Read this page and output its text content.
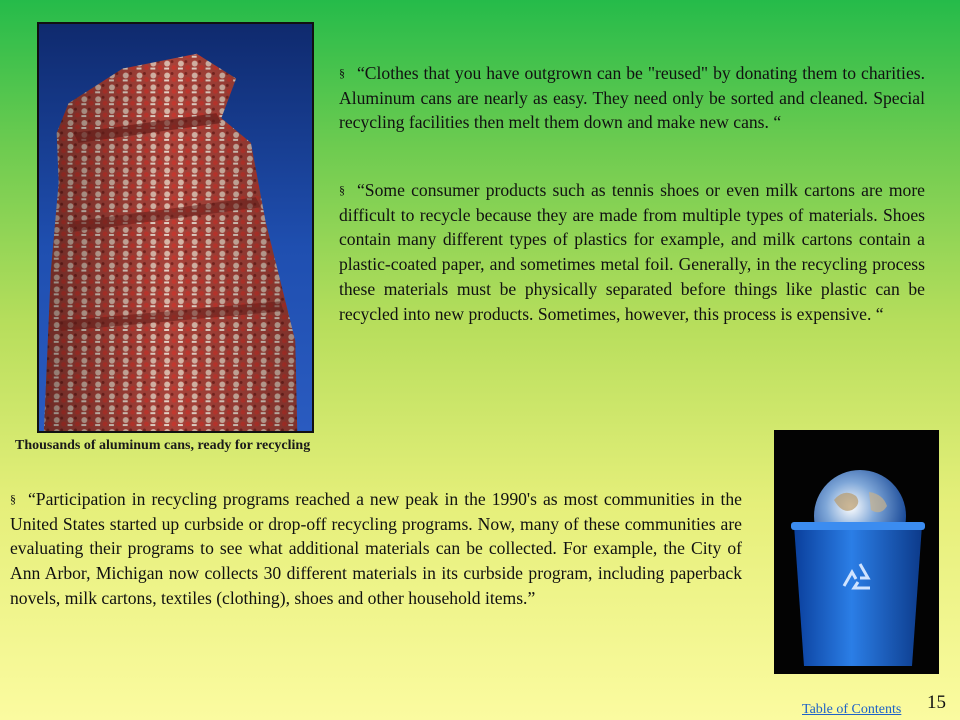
Thousands of aluminum cans, ready for recycling
§ “Clothes that you have outgrown can be "reused" by donating them to charities. Aluminum cans are nearly as easy. They need only be sorted and cleaned. Special recycling facilities then melt them down and make new cans. “
§ “Some consumer products such as tennis shoes or even milk cartons are more difficult to recycle because they are made from multiple types of materials. Shoes contain many different types of plastics for example, and milk cartons contain a plastic-coated paper, and sometimes metal foil. Generally, in the recycling process these materials must be physically separated before things like plastic can be recycled into new products. Sometimes, however, this process is expensive. “
§ “Participation in recycling programs reached a new peak in the 1990's as most communities in the United States started up curbside or drop-off recycling programs. Now, many of these communities are evaluating their programs to see what additional materials can be collected. For example, the City of Ann Arbor, Michigan now collects 30 different materials in its curbside program, including paperback novels, milk cartons, textiles (clothing), shoes and other household items.”
Table of Contents 15
